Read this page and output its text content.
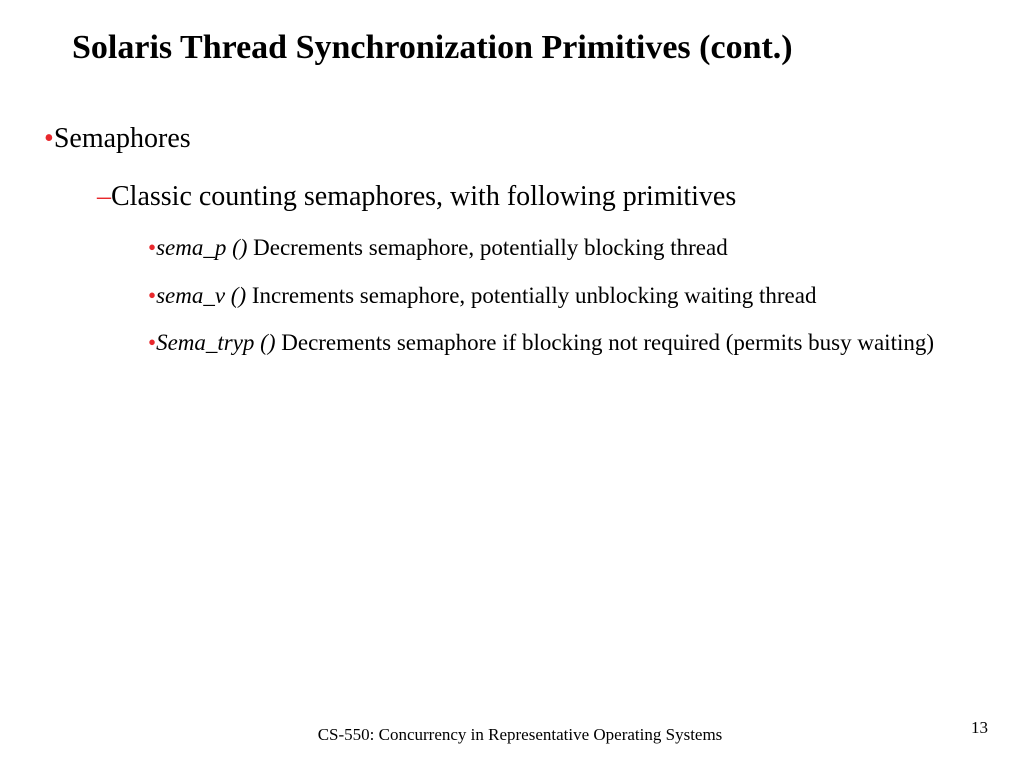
Solaris Thread Synchronization Primitives (cont.)
•Semaphores
–Classic counting semaphores, with following primitives
•sema_p () Decrements semaphore, potentially blocking thread
•sema_v () Increments semaphore, potentially unblocking waiting thread
•Sema_tryp () Decrements semaphore if blocking not required (permits busy waiting)
CS-550: Concurrency in Representative Operating Systems	13
